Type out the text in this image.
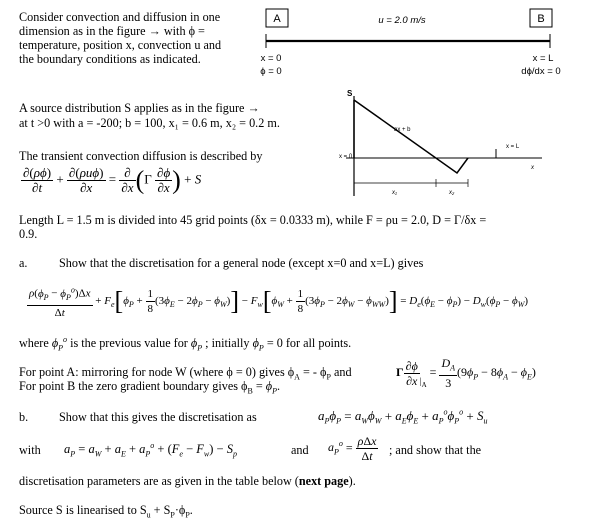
Consider convection and diffusion in one
dimension as in the figure → with ϕ =
temperature, position x, convection u and
the boundary conditions as indicated.
A	B
u = 2.0 m/s
x = 0
ϕ = 0
x = L
dϕ/dx = 0
A source distribution S applies as in the figure →
at t >0 with a = -200; b = 100, x₁ = 0.6 m, x₂ = 0.2 m.
S
ax + b
x = L
x = 0
x
x₁	x₂
The transient convection diffusion is described by
$\frac{\partial(\rho\phi)}{\partial t} + \frac{\text{∂(ρuϕ)}}{\partial x} = \frac{\partial}{\partial x} (\Gamma \frac{\partial\phi}{\partial x}$ ) + S
Length L = 1.5 m is divided into 45 grid points (δx = 0.0333 m), while F = ρu = 2.0, D = Γ/δx =
0.9.
a.	Show that the discretisation for a general node (except x=0 and x=L) gives
$\frac{\rho(\phi_P - \phi_P^o)\Delta x}{\Delta t} + F_e[\phi_P + \frac{1}{8} (3\phi_E - 2\phi_P - \phi_W)] - F_w[\phi_W + \frac{1}{8} (3\phi_P - 2\phi_W - \phi_{WW})] = D_e(\phi_E - \phi_P) - D_w(\phi_P - \phi_W)$
where $\phi_P^o$ is the previous value for $\phi_P$ ; initially $\phi_P = 0$ for all points.
For point A: mirroring for node W (where ϕ = 0) gives $\phi_A$ = - $\phi_P$ and	Γ $\frac{\partial\phi}{\partial x} _{|_A} = \frac{D_A}{3} (9\phi_P - 8\phi_A - \phi_E)$
For point B the zero gradient boundary gives $\phi_B = \phi_P$.
b.	Show that this gives the discretisation as	$a_P\phi_P = a_W\phi_W + a_E\phi_E + a_P^o\phi_P^o + S_u$
with $a_P = a_W + a_E + a_P^o + (F_e - F_w) - S_p$	and $a_P^o = \frac{\text{ρΔx}}{\Delta t}$ ; and show that the
discretisation parameters are as given in the table below (next page).
Source S is linearised to $S_u + S_P\cdot\phi_P$.
